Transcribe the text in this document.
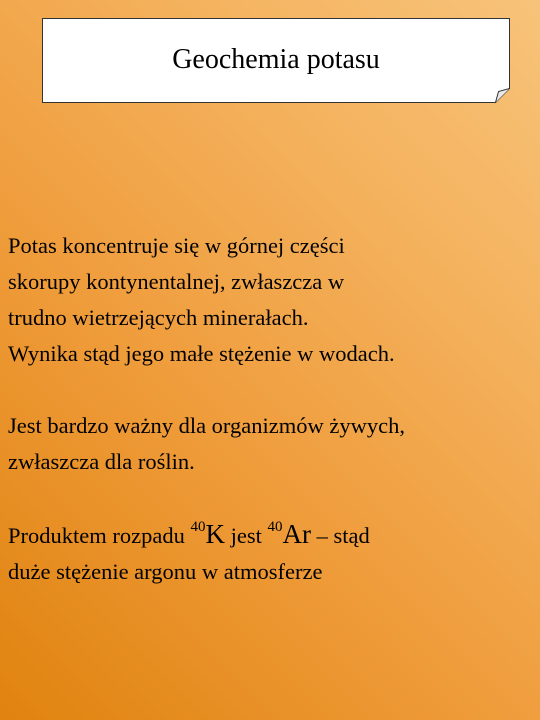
Geochemia potasu

Potas koncentruje się w górnej części
skorupy kontynentalnej, zwłaszcza w
trudno wietrzejących minerałach.
Wynika stąd jego małe stężenie w wodach.

Jest bardzo ważny dla organizmów żywych,
zwłaszcza dla roślin.

Produktem rozpadu $^{40}$K jest $^{40}$Ar – stąd
duże stężenie argonu w atmosferze
